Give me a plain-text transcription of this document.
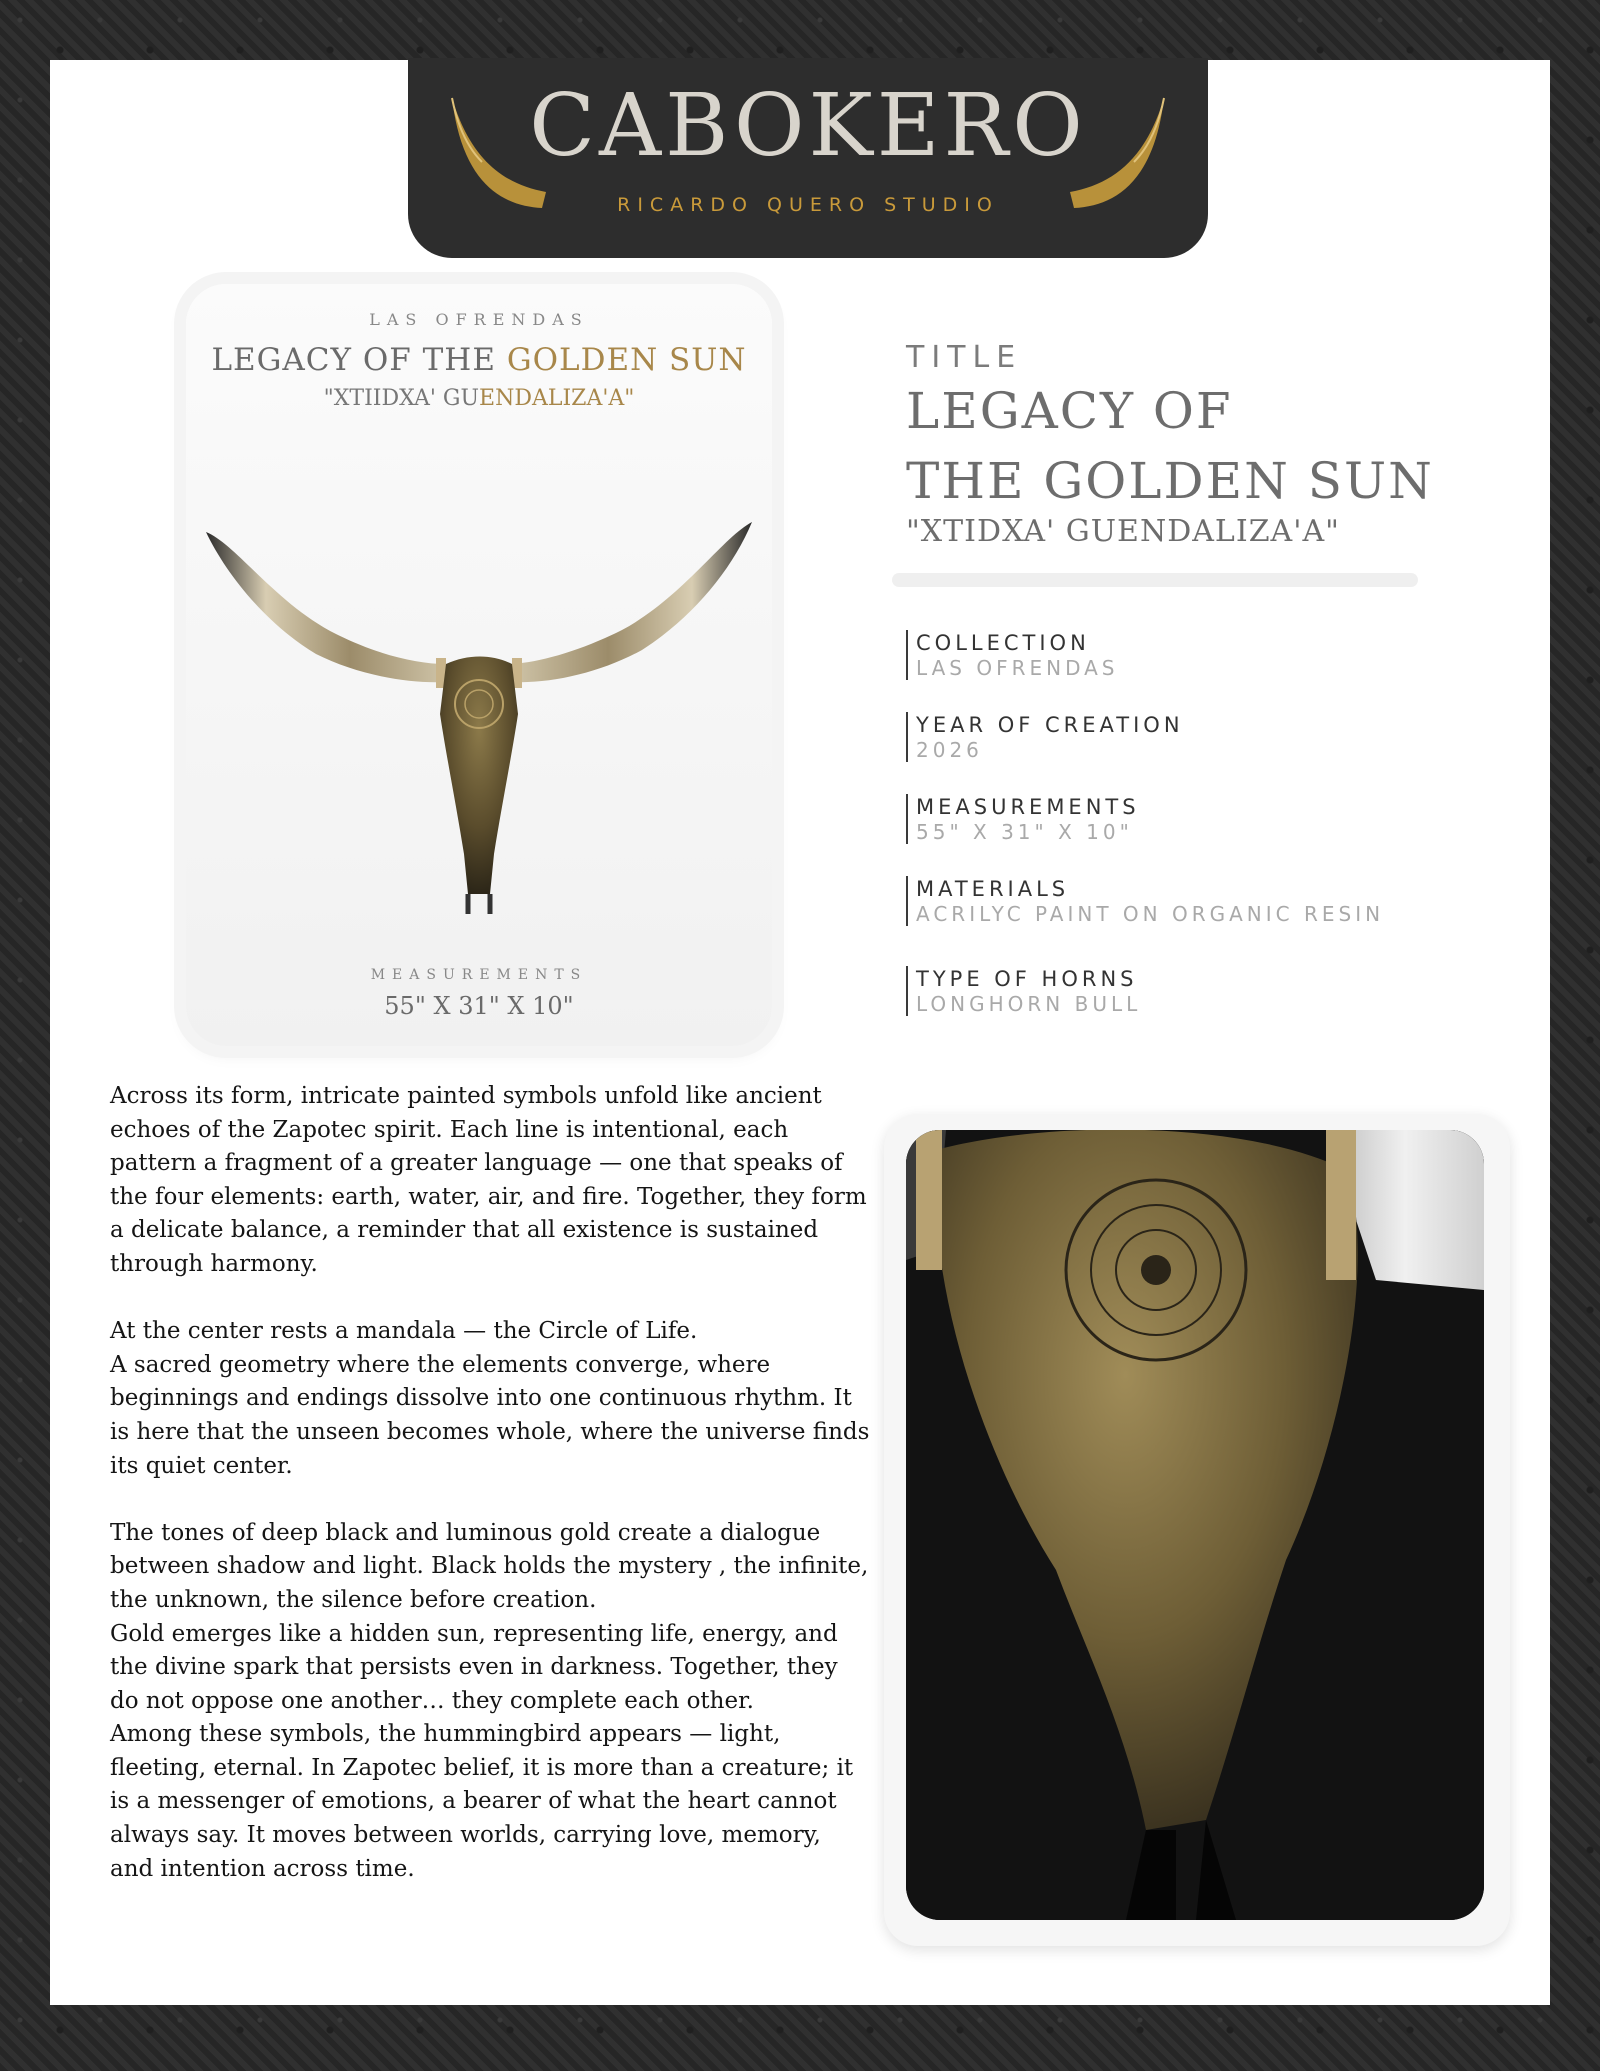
CABOKERO
RICARDO QUERO STUDIO
LAS OFRENDAS
LEGACY OF THE GOLDEN SUN
"XTIIDXA' GUENDALIZA'A"
MEASUREMENTS
55" X 31" X 10"
TITLE
LEGACY OF
THE GOLDEN SUN
"XTIDXA' GUENDALIZA'A"
COLLECTION
LAS OFRENDAS
YEAR OF CREATION
2026
MEASUREMENTS
55" X 31" X 10"
MATERIALS
ACRILYC PAINT ON ORGANIC RESIN
TYPE OF HORNS
LONGHORN BULL

Across its form, intricate painted symbols unfold like ancient echoes of the Zapotec spirit. Each line is intentional, each pattern a fragment of a greater language — one that speaks of the four elements: earth, water, air, and fire. Together, they form a delicate balance, a reminder that all existence is sustained through harmony.

At the center rests a mandala — the Circle of Life.

A sacred geometry where the elements converge, where beginnings and endings dissolve into one continuous rhythm. It is here that the unseen becomes whole, where the universe finds its quiet center.

The tones of deep black and luminous gold create a dialogue between shadow and light. Black holds the mystery , the infinite, the unknown, the silence before creation.

Gold emerges like a hidden sun, representing life, energy, and the divine spark that persists even in darkness. Together, they do not oppose one another… they complete each other.

Among these symbols, the hummingbird appears — light, fleeting, eternal. In Zapotec belief, it is more than a creature; it is a messenger of emotions, a bearer of what the heart cannot always say. It moves between worlds, carrying love, memory, and intention across time.
